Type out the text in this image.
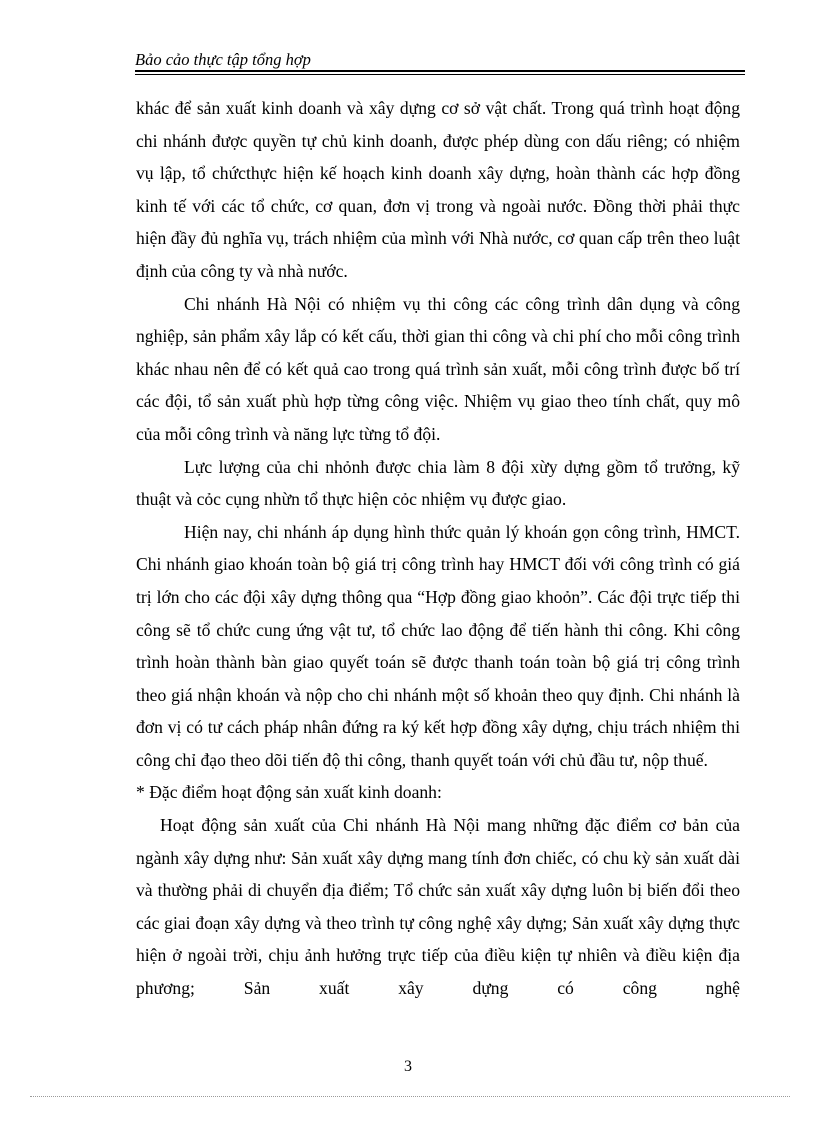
Bảo cảo thực tập tổng hợp

khác để sản xuất kinh doanh và xây dựng cơ sở vật chất. Trong quá trình hoạt động chi nhánh được quyền tự chủ kinh doanh, được phép dùng con dấu riêng; có nhiệm vụ lập, tổ chứcthực hiện kế hoạch kinh doanh xây dựng, hoàn thành các hợp đồng kinh tế với các tổ chức, cơ quan, đơn vị trong và ngoài nước. Đồng thời phải thực hiện đầy đủ nghĩa vụ, trách nhiệm của mình với Nhà nước, cơ quan cấp trên theo luật định của công ty và nhà nước.

Chi nhánh Hà Nội có nhiệm vụ thi công các công trình dân dụng và công nghiệp, sản phẩm xây lắp có kết cấu, thời gian thi công và chi phí cho mỗi công trình khác nhau nên để có kết quả cao trong quá trình sản xuất, mỗi công trình được bố trí các đội, tổ sản xuất phù hợp từng công việc. Nhiệm vụ giao theo tính chất, quy mô của mỗi công trình và năng lực từng tổ đội.

Lực lượng của chi nhỏnh được chia làm 8 đội xừy dựng gồm tổ trưởng, kỹ thuật và cỏc cụng nhừn tổ thực hiện cỏc nhiệm vụ được giao.

Hiện nay, chi nhánh áp dụng hình thức quản lý khoán gọn công trình, HMCT. Chi nhánh giao khoán toàn bộ giá trị công trình hay HMCT đối với công trình có giá trị lớn cho các đội xây dựng thông qua “Hợp đồng giao khoỏn”. Các đội trực tiếp thi công sẽ tổ chức cung ứng vật tư, tổ chức lao động để tiến hành thi công. Khi công trình hoàn thành bàn giao quyết toán sẽ được thanh toán toàn bộ giá trị công trình theo giá nhận khoán và nộp cho chi nhánh một số khoản theo quy định. Chi nhánh là đơn vị có tư cách pháp nhân đứng ra ký kết hợp đồng xây dựng, chịu trách nhiệm thi công chỉ đạo theo dõi tiến độ thi công, thanh quyết toán với chủ đầu tư, nộp thuế.

* Đặc điểm hoạt động sản xuất kinh doanh:

Hoạt động sản xuất của Chi nhánh Hà Nội mang những đặc điểm cơ bản của ngành xây dựng như: Sản xuất xây dựng mang tính đơn chiếc, có chu kỳ sản xuất dài và thường phải di chuyển địa điểm; Tổ chức sản xuất xây dựng luôn bị biến đổi theo các giai đoạn xây dựng và theo trình tự công nghệ xây dựng; Sản xuất xây dựng thực hiện ở ngoài trời, chịu ảnh hưởng trực tiếp của điều kiện tự nhiên và điều kiện địa phương; Sản xuất xây dựng có công nghệ

3
